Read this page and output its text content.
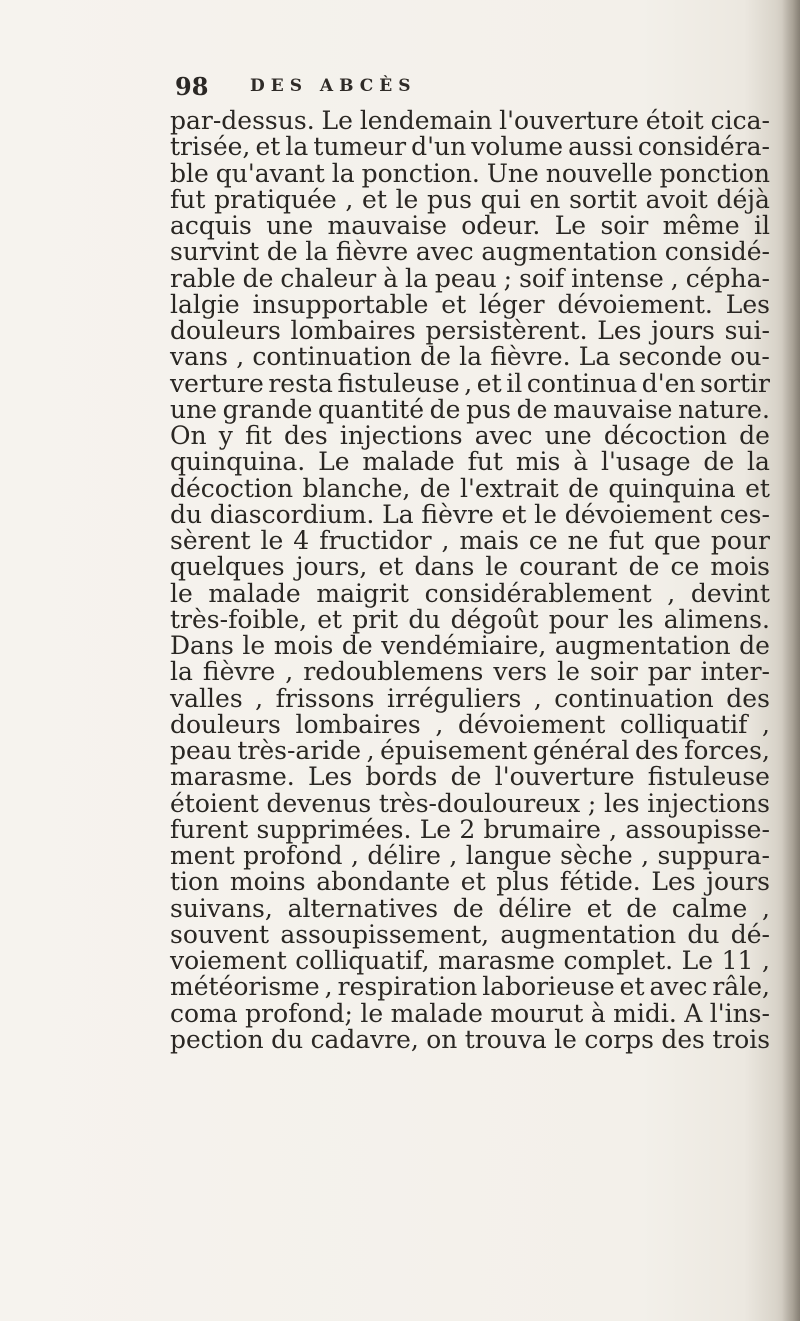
98 DES ABCÈS
par-dessus. Le lendemain l'ouverture étoit cica-
trisée, et la tumeur d'un volume aussi considéra-
ble qu'avant la ponction. Une nouvelle ponction
fut pratiquée , et le pus qui en sortit avoit déjà
acquis une mauvaise odeur. Le soir même il
survint de la fièvre avec augmentation considé-
rable de chaleur à la peau ; soif intense , cépha-
lalgie insupportable et léger dévoiement. Les
douleurs lombaires persistèrent. Les jours sui-
vans , continuation de la fièvre. La seconde ou-
verture resta fistuleuse , et il continua d'en sortir
une grande quantité de pus de mauvaise nature.
On y fit des injections avec une décoction de
quinquina. Le malade fut mis à l'usage de la
décoction blanche, de l'extrait de quinquina et
du diascordium. La fièvre et le dévoiement ces-
sèrent le 4 fructidor , mais ce ne fut que pour
quelques jours, et dans le courant de ce mois
le malade maigrit considérablement , devint
très-foible, et prit du dégoût pour les alimens.
Dans le mois de vendémiaire, augmentation de
la fièvre , redoublemens vers le soir par inter-
valles , frissons irréguliers , continuation des
douleurs lombaires , dévoiement colliquatif ,
peau très-aride , épuisement général des forces,
marasme. Les bords de l'ouverture fistuleuse
étoient devenus très-douloureux ; les injections
furent supprimées. Le 2 brumaire , assoupisse-
ment profond , délire , langue sèche , suppura-
tion moins abondante et plus fétide. Les jours
suivans, alternatives de délire et de calme ,
souvent assoupissement, augmentation du dé-
voiement colliquatif, marasme complet. Le 11 ,
météorisme , respiration laborieuse et avec râle,
coma profond; le malade mourut à midi. A l'ins-
pection du cadavre, on trouva le corps des trois
